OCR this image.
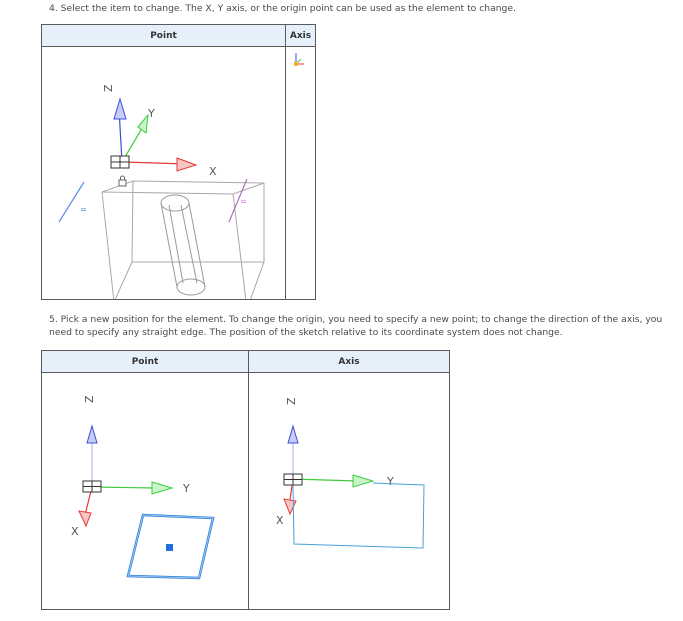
4. Select the item to change. The X, Y axis, or the origin point can be used as the element to change.
Point	Axis

=
=
Z
Y
X

5. Pick a new position for the element. To change the origin, you need to specify a new point; to change the direction of the axis, you need to specify any straight edge. The position of the sketch relative to its coordinate system does not change.
Point	Axis

Z
Y
X	Z
Y
X
